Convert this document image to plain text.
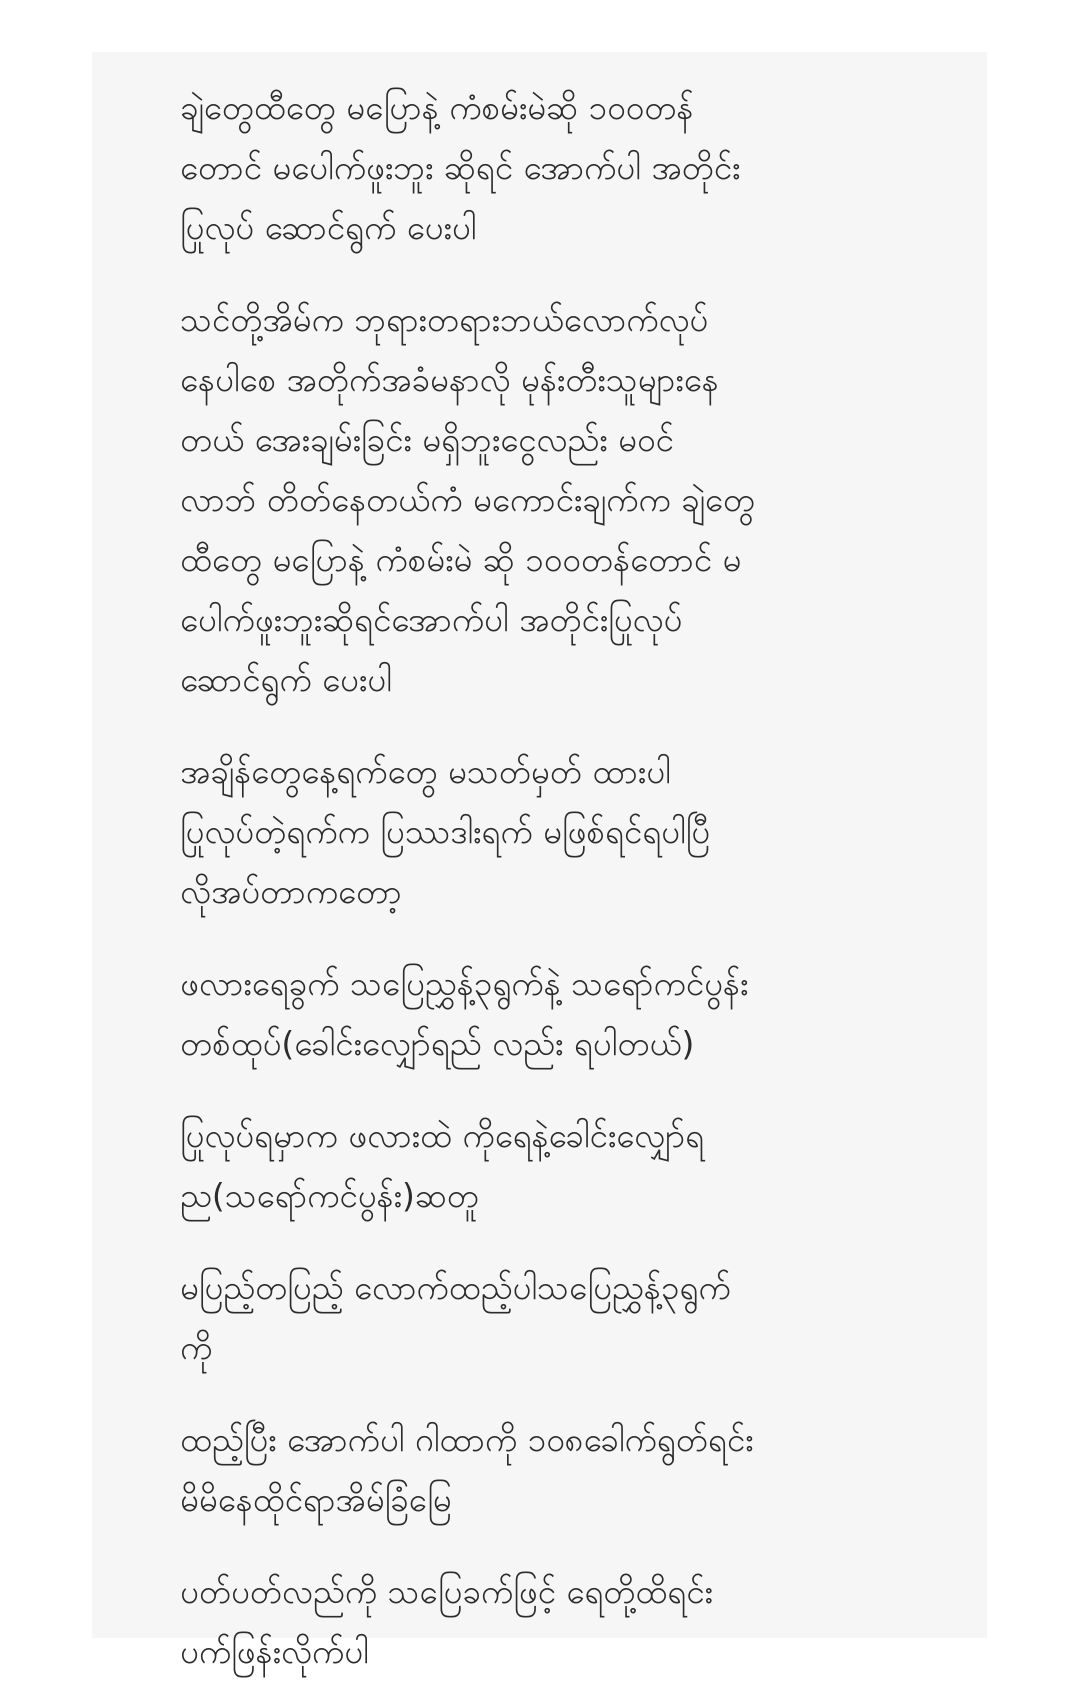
ချဲတွေထီတွေ မပြောနဲ့ ကံစမ်းမဲဆို ၁၀၀တန်
တောင် မပေါက်ဖူးဘူး ဆိုရင် အောက်ပါ အတိုင်း
ပြုလုပ် ဆောင်ရွက် ပေးပါ

သင်တို့အိမ်က ဘုရားတရားဘယ်လောက်လုပ်
နေပါစေ အတိုက်အခံမနာလို မုန်းတီးသူများနေ
တယ် အေးချမ်းခြင်း မရှိဘူးငွေလည်း မဝင်
လာဘ် တိတ်နေတယ်ကံ မကောင်းချက်က ချဲတွေ
ထီတွေ မပြောနဲ့ ကံစမ်းမဲ ဆို ၁၀၀တန်တောင် မ
ပေါက်ဖူးဘူးဆိုရင်အောက်ပါ အတိုင်းပြုလုပ်
ဆောင်ရွက် ပေးပါ

အချိန်တွေနေ့ရက်တွေ မသတ်မှတ် ထားပါ
ပြုလုပ်တဲ့ရက်က ပြဿဒါးရက် မဖြစ်ရင်ရပါပြီ
လိုအပ်တာကတော့

ဖလားရေခွက် သပြေညွှန့်၃ရွက်နဲ့ သရော်ကင်ပွန်း
တစ်ထုပ်(ခေါင်းလျှော်ရည် လည်း ရပါတယ်)

ပြုလုပ်ရမှာက ဖလားထဲ ကိုရေနဲ့ခေါင်းလျှော်ရ
ည(သရော်ကင်ပွန်း)ဆတူ

မပြည့်တပြည့် လောက်ထည့်ပါသပြေညွှန့်၃ရွက်
ကို

ထည့်ပြီး အောက်ပါ ဂါထာကို ၁၀၈ခေါက်ရွတ်ရင်း
မိမိနေထိုင်ရာအိမ်ခြံမြေ

ပတ်ပတ်လည်ကို သပြေခက်ဖြင့် ရေတို့ထိရင်း
ပက်ဖြန်းလိုက်ပါ
